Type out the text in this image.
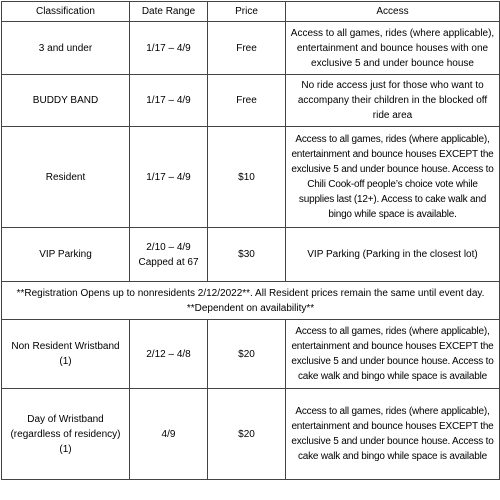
Classification	Date Range	Price	Access
3 and under	1/17 – 4/9	Free	Access to all games, rides (where applicable), entertainment and bounce houses with one exclusive 5 and under bounce house
BUDDY BAND	1/17 – 4/9	Free	No ride access just for those who want to accompany their children in the blocked off ride area
Resident	1/17 – 4/9	$10	Access to all games, rides (where applicable), entertainment and bounce houses EXCEPT the exclusive 5 and under bounce house. Access to Chili Cook-off people’s choice vote while supplies last (12+). Access to cake walk and bingo while space is available.
VIP Parking	2/10 – 4/9 Capped at 67	$30	VIP Parking (Parking in the closest lot)
**Registration Opens up to nonresidents 2/12/2022**. All Resident prices remain the same until event day. **Dependent on availability**			
Non Resident Wristband (1)	2/12 – 4/8	$20	Access to all games, rides (where applicable), entertainment and bounce houses EXCEPT the exclusive 5 and under bounce house. Access to cake walk and bingo while space is available
Day of Wristband (regardless of residency) (1)	4/9	$20	Access to all games, rides (where applicable), entertainment and bounce houses EXCEPT the exclusive 5 and under bounce house. Access to cake walk and bingo while space is available
